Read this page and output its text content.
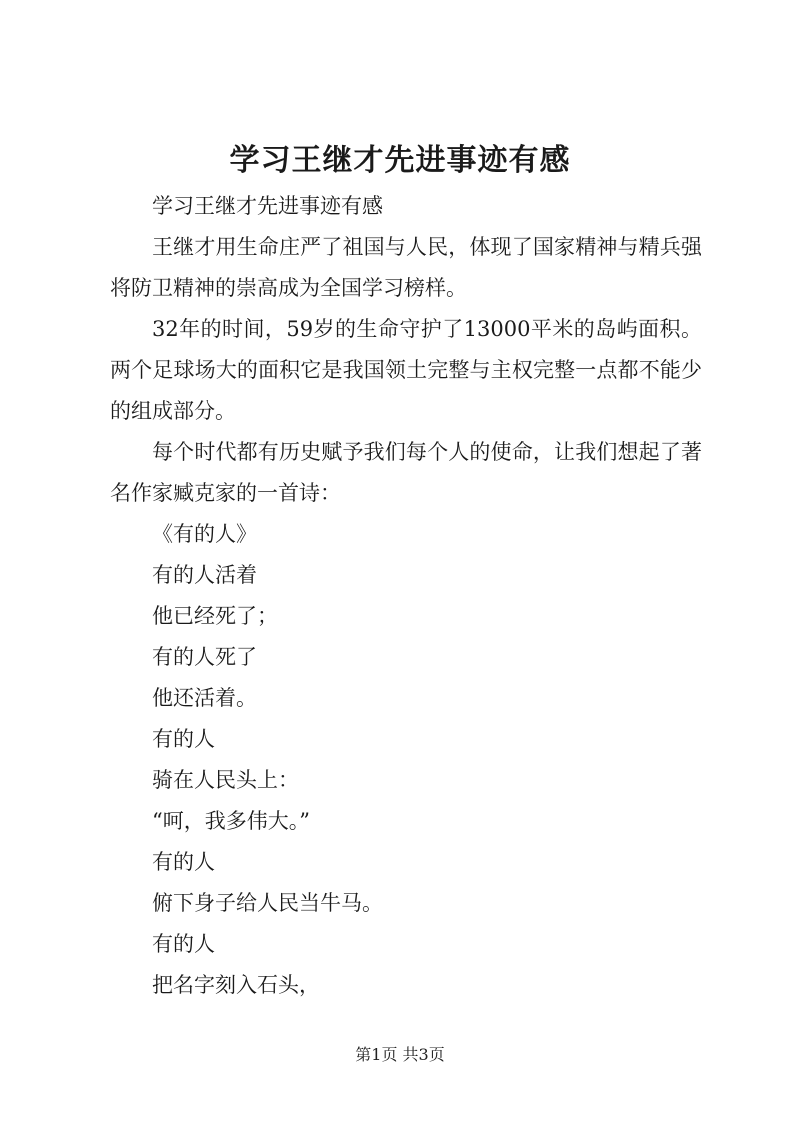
学习王继才先进事迹有感

学习王继才先进事迹有感

王继才用生命庄严了祖国与人民，体现了国家精神与精兵强将防卫精神的崇高成为全国学习榜样。

32年的时间，59岁的生命守护了13000平米的岛屿面积。两个足球场大的面积它是我国领土完整与主权完整一点都不能少的组成部分。

每个时代都有历史赋予我们每个人的使命，让我们想起了著名作家臧克家的一首诗：

《有的人》

有的人活着

他已经死了；

有的人死了

他还活着。

有的人

骑在人民头上：

“呵，我多伟大。”

有的人

俯下身子给人民当牛马。

有的人

把名字刻入石头，

第1页 共3页
